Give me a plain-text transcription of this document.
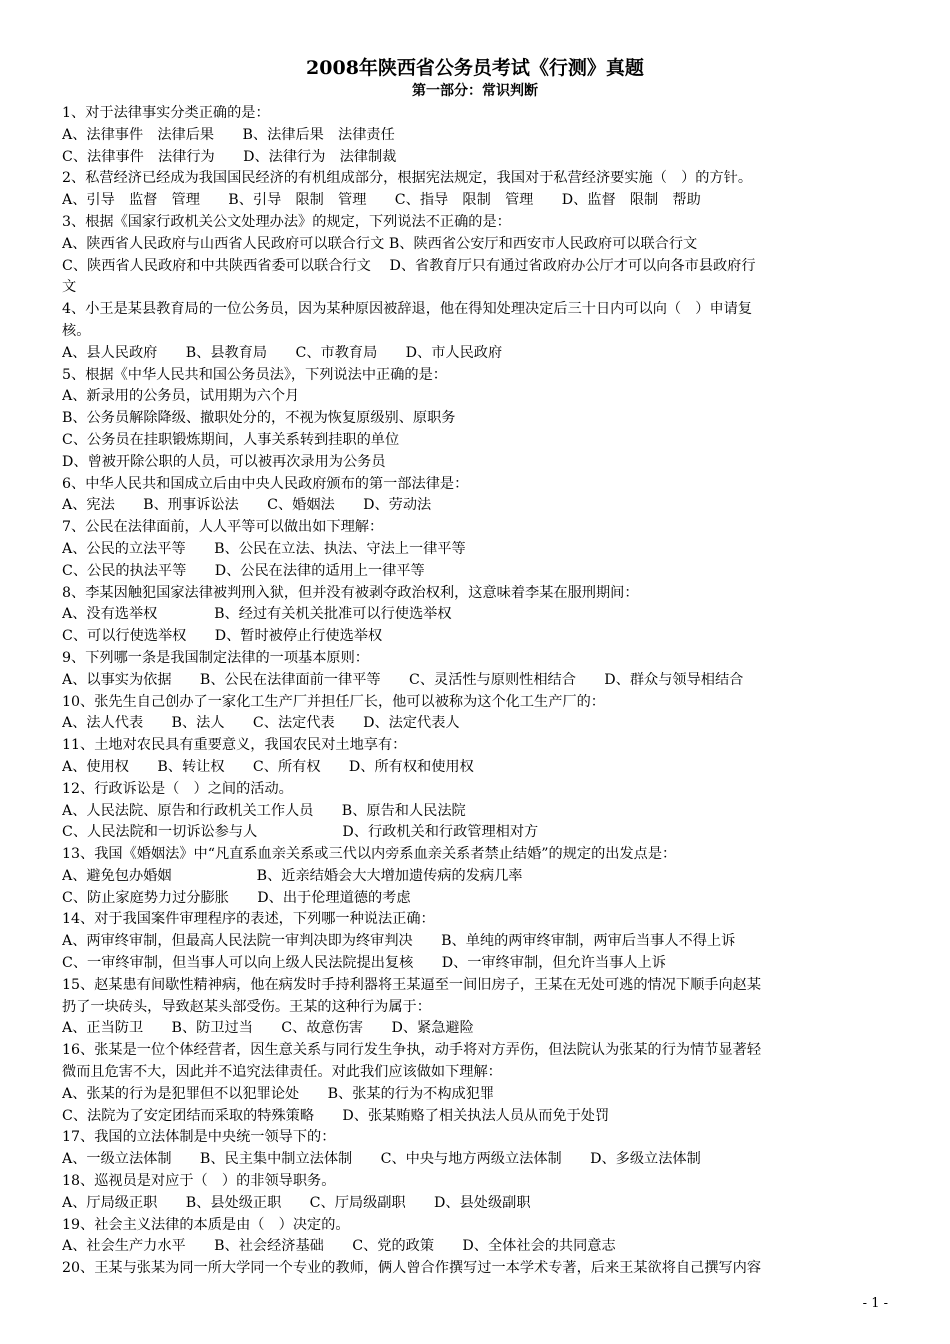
2008年陕西省公务员考试《行测》真题
第一部分：常识判断
1、对于法律事实分类正确的是：
A、法律事件　法律后果　　B、法律后果　法律责任
C、法律事件　法律行为　　D、法律行为　法律制裁
2、私营经济已经成为我国国民经济的有机组成部分，根据宪法规定，我国对于私营经济要实施（　）的方针。
A、引导　监督　管理　　B、引导　限制　管理　　C、指导　限制　管理　　D、监督　限制　帮助
3、根据《国家行政机关公文处理办法》的规定，下列说法不正确的是：
A、陕西省人民政府与山西省人民政府可以联合行文 B、陕西省公安厅和西安市人民政府可以联合行文
C、陕西省人民政府和中共陕西省委可以联合行文　 D、省教育厅只有通过省政府办公厅才可以向各市县政府行
文
4、小王是某县教育局的一位公务员，因为某种原因被辞退，他在得知处理决定后三十日内可以向（　）申请复
核。
A、县人民政府　　B、县教育局　　C、市教育局　　D、市人民政府
5、根据《中华人民共和国公务员法》，下列说法中正确的是：
A、新录用的公务员，试用期为六个月
B、公务员解除降级、撤职处分的，不视为恢复原级别、原职务
C、公务员在挂职锻炼期间，人事关系转到挂职的单位
D、曾被开除公职的人员，可以被再次录用为公务员
6、中华人民共和国成立后由中央人民政府颁布的第一部法律是：
A、宪法　　B、刑事诉讼法　　C、婚姻法　　D、劳动法
7、公民在法律面前，人人平等可以做出如下理解：
A、公民的立法平等　　B、公民在立法、执法、守法上一律平等
C、公民的执法平等　　D、公民在法律的适用上一律平等
8、李某因触犯国家法律被判刑入狱，但并没有被剥夺政治权利，这意味着李某在服刑期间：
A、没有选举权　　　　B、经过有关机关批准可以行使选举权
C、可以行使选举权　　D、暂时被停止行使选举权
9、下列哪一条是我国制定法律的一项基本原则：
A、以事实为依据　　B、公民在法律面前一律平等　　C、灵活性与原则性相结合　　D、群众与领导相结合
10、张先生自己创办了一家化工生产厂并担任厂长，他可以被称为这个化工生产厂的：
A、法人代表　　B、法人　　C、法定代表　　D、法定代表人
11、土地对农民具有重要意义，我国农民对土地享有：
A、使用权　　B、转让权　　C、所有权　　D、所有权和使用权
12、行政诉讼是（　）之间的活动。
A、人民法院、原告和行政机关工作人员　　B、原告和人民法院
C、人民法院和一切诉讼参与人　　　　　　D、行政机关和行政管理相对方
13、我国《婚姻法》中“凡直系血亲关系或三代以内旁系血亲关系者禁止结婚”的规定的出发点是：
A、避免包办婚姻　　　　　　B、近亲结婚会大大增加遗传病的发病几率
C、防止家庭势力过分膨胀　　D、出于伦理道德的考虑
14、对于我国案件审理程序的表述，下列哪一种说法正确：
A、两审终审制，但最高人民法院一审判决即为终审判决　　B、单纯的两审终审制，两审后当事人不得上诉
C、一审终审制，但当事人可以向上级人民法院提出复核　　D、一审终审制，但允许当事人上诉
15、赵某患有间歇性精神病，他在病发时手持利器将王某逼至一间旧房子，王某在无处可逃的情况下顺手向赵某
扔了一块砖头，导致赵某头部受伤。王某的这种行为属于：
A、正当防卫　　B、防卫过当　　C、故意伤害　　D、紧急避险
16、张某是一位个体经营者，因生意关系与同行发生争执，动手将对方弄伤，但法院认为张某的行为情节显著轻
微而且危害不大，因此并不追究法律责任。对此我们应该做如下理解：
A、张某的行为是犯罪但不以犯罪论处　　B、张某的行为不构成犯罪
C、法院为了安定团结而采取的特殊策略　　D、张某贿赂了相关执法人员从而免于处罚
17、我国的立法体制是中央统一领导下的：
A、一级立法体制　　B、民主集中制立法体制　　C、中央与地方两级立法体制　　D、多级立法体制
18、巡视员是对应于（　）的非领导职务。
A、厅局级正职　　B、县处级正职　　C、厅局级副职　　D、县处级副职
19、社会主义法律的本质是由（　）决定的。
A、社会生产力水平　　B、社会经济基础　　C、党的政策　　D、全体社会的共同意志
20、王某与张某为同一所大学同一个专业的教师，俩人曾合作撰写过一本学术专著，后来王某欲将自己撰写内容
- 1 -
